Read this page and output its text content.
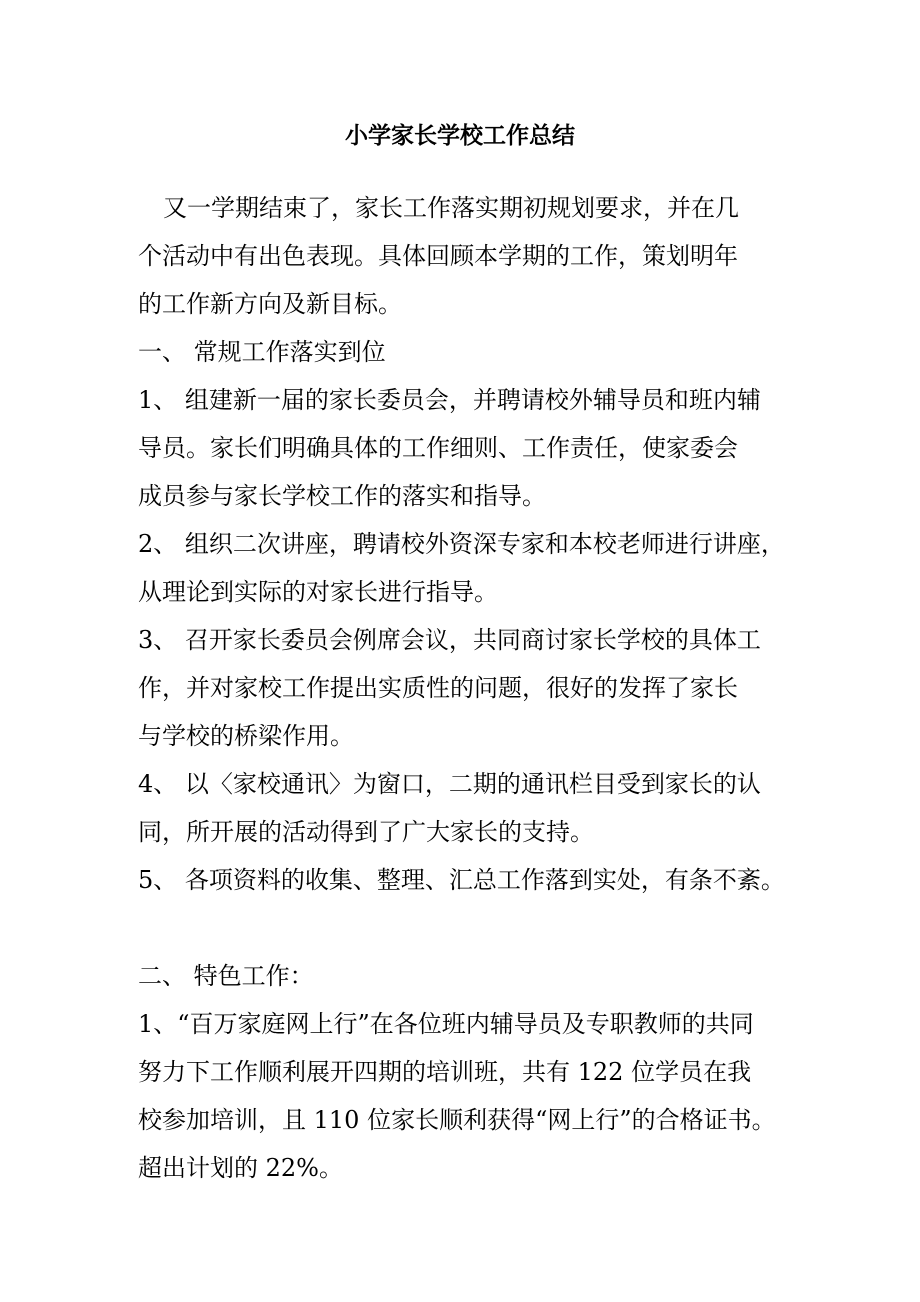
小学家长学校工作总结
又一学期结束了，家长工作落实期初规划要求，并在几
个活动中有出色表现。具体回顾本学期的工作，策划明年
的工作新方向及新目标。
一、 常规工作落实到位
1、 组建新一届的家长委员会，并聘请校外辅导员和班内辅
导员。家长们明确具体的工作细则、工作责任，使家委会
成员参与家长学校工作的落实和指导。
2、 组织二次讲座，聘请校外资深专家和本校老师进行讲座，
从理论到实际的对家长进行指导。
3、 召开家长委员会例席会议，共同商讨家长学校的具体工
作，并对家校工作提出实质性的问题，很好的发挥了家长
与学校的桥梁作用。
4、 以〈家校通讯〉为窗口，二期的通讯栏目受到家长的认
同，所开展的活动得到了广大家长的支持。
5、 各项资料的收集、整理、汇总工作落到实处，有条不紊。
二、 特色工作：
1、“百万家庭网上行”在各位班内辅导员及专职教师的共同
努力下工作顺利展开四期的培训班，共有 122 位学员在我
校参加培训，且 110 位家长顺利获得“网上行”的合格证书。
超出计划的 22%。
